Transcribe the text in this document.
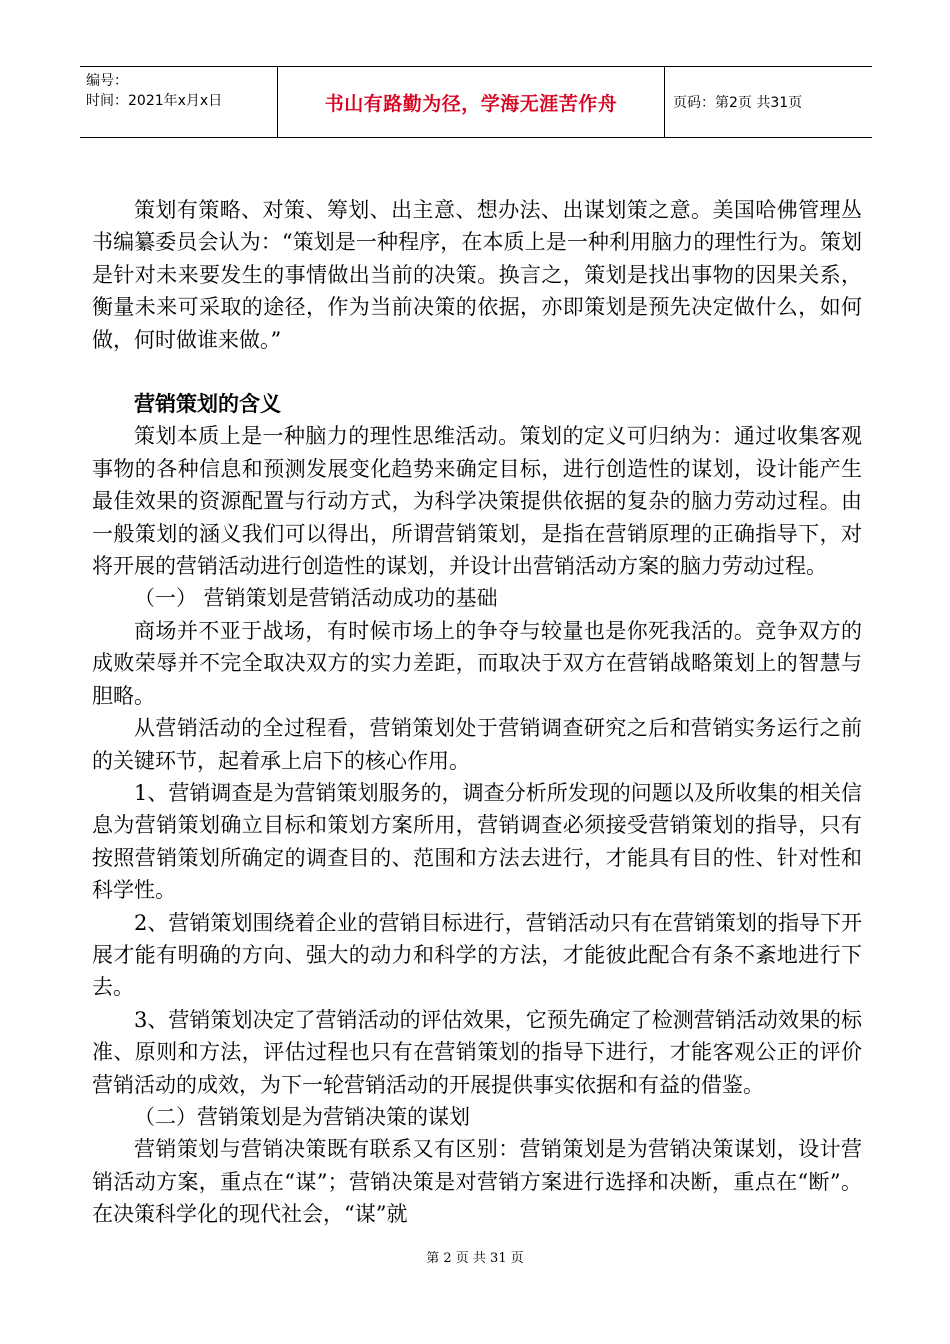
编号：
时间：2021年x月x日	书山有路勤为径，学海无涯苦作舟	页码：第2页 共31页

策划有策略、对策、筹划、出主意、想办法、出谋划策之意。美国哈佛管理丛书编纂委员会认为：“策划是一种程序，在本质上是一种利用脑力的理性行为。策划是针对未来要发生的事情做出当前的决策。换言之，策划是找出事物的因果关系，衡量未来可采取的途径，作为当前决策的依据，亦即策划是预先决定做什么，如何做，何时做谁来做。”

营销策划的含义

策划本质上是一种脑力的理性思维活动。策划的定义可归纳为：通过收集客观事物的各种信息和预测发展变化趋势来确定目标，进行创造性的谋划，设计能产生最佳效果的资源配置与行动方式，为科学决策提供依据的复杂的脑力劳动过程。由一般策划的涵义我们可以得出，所谓营销策划，是指在营销原理的正确指导下，对将开展的营销活动进行创造性的谋划，并设计出营销活动方案的脑力劳动过程。

（一） 营销策划是营销活动成功的基础

商场并不亚于战场，有时候市场上的争夺与较量也是你死我活的。竞争双方的成败荣辱并不完全取决双方的实力差距，而取决于双方在营销战略策划上的智慧与胆略。

从营销活动的全过程看，营销策划处于营销调查研究之后和营销实务运行之前的关键环节，起着承上启下的核心作用。

1、营销调查是为营销策划服务的，调查分析所发现的问题以及所收集的相关信息为营销策划确立目标和策划方案所用，营销调查必须接受营销策划的指导，只有按照营销策划所确定的调查目的、范围和方法去进行，才能具有目的性、针对性和科学性。

2、营销策划围绕着企业的营销目标进行，营销活动只有在营销策划的指导下开展才能有明确的方向、强大的动力和科学的方法，才能彼此配合有条不紊地进行下去。

3、营销策划决定了营销活动的评估效果，它预先确定了检测营销活动效果的标准、原则和方法，评估过程也只有在营销策划的指导下进行，才能客观公正的评价营销活动的成效，为下一轮营销活动的开展提供事实依据和有益的借鉴。

（二）营销策划是为营销决策的谋划

营销策划与营销决策既有联系又有区别：营销策划是为营销决策谋划，设计营销活动方案，重点在“谋”；营销决策是对营销方案进行选择和决断，重点在“断”。在决策科学化的现代社会，“谋”就

第 2 页 共 31 页
